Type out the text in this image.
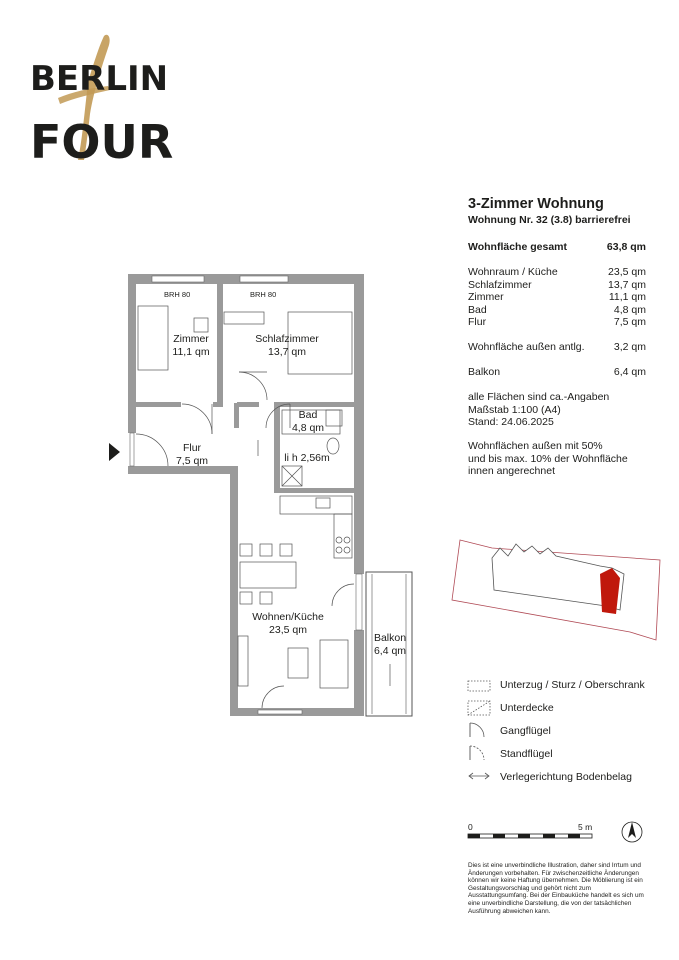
BERLIN
FOUR
3-Zimmer Wohnung
Wohnung Nr. 32 (3.8) barrierefrei
Wohnfläche gesamt	63,8 qm
Wohnraum / Küche	23,5 qm
Schlafzimmer	13,7 qm
Zimmer	11,1 qm
Bad	4,8 qm
Flur	7,5 qm
Wohnfläche außen antlg.	3,2 qm
Balkon	6,4 qm
alle Flächen sind ca.-Angaben
Maßstab 1:100 (A4)
Stand: 24.06.2025
Wohnflächen außen mit 50%
und bis max. 10% der Wohnfläche
innen angerechnet
BRH 80	BRH 80
Zimmer
11,1 qm
Schlafzimmer
13,7 qm
Bad
4,8 qm
li h 2,56m
Flur
7,5 qm
Wohnen/Küche
23,5 qm
Balkon
6,4 qm
0	5 m
Unterzug / Sturz / Oberschrank
Unterdecke
Gangflügel
Standflügel
Verlegerichtung Bodenbelag
Dies ist eine unverbindliche Illustration, daher sind Irrtum und Änderungen vorbehalten. Für zwischenzeitliche Änderungen können wir keine Haftung übernehmen. Die Möblierung ist ein Gestaltungsvorschlag und gehört nicht zum Ausstattungsumfang. Bei der Einbauküche handelt es sich um eine unverbindliche Darstellung, die von der tatsächlichen Ausführung abweichen kann.
